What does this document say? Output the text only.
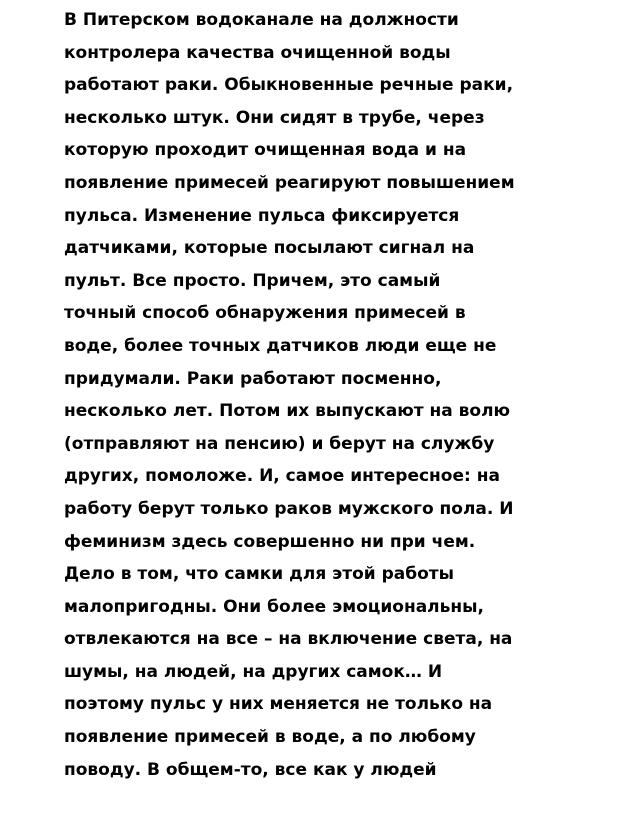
В Питерском водоканале на должности
контролера качества очищенной воды
работают раки. Обыкновенные речные раки,
несколько штук. Они сидят в трубе, через
которую проходит очищенная вода и на
появление примесей реагируют повышением
пульса. Изменение пульса фиксируется
датчиками, которые посылают сигнал на
пульт. Все просто. Причем, это самый
точный способ обнаружения примесей в
воде, более точных датчиков люди еще не
придумали. Раки работают посменно,
несколько лет. Потом их выпускают на волю
(отправляют на пенсию) и берут на службу
других, помоложе. И, самое интересное: на
работу берут только раков мужского пола. И
феминизм здесь совершенно ни при чем.
Дело в том, что самки для этой работы
малопригодны. Они более эмоциональны,
отвлекаются на все – на включение света, на
шумы, на людей, на других самок… И
поэтому пульс у них меняется не только на
появление примесей в воде, а по любому
поводу. В общем-то, все как у людей
